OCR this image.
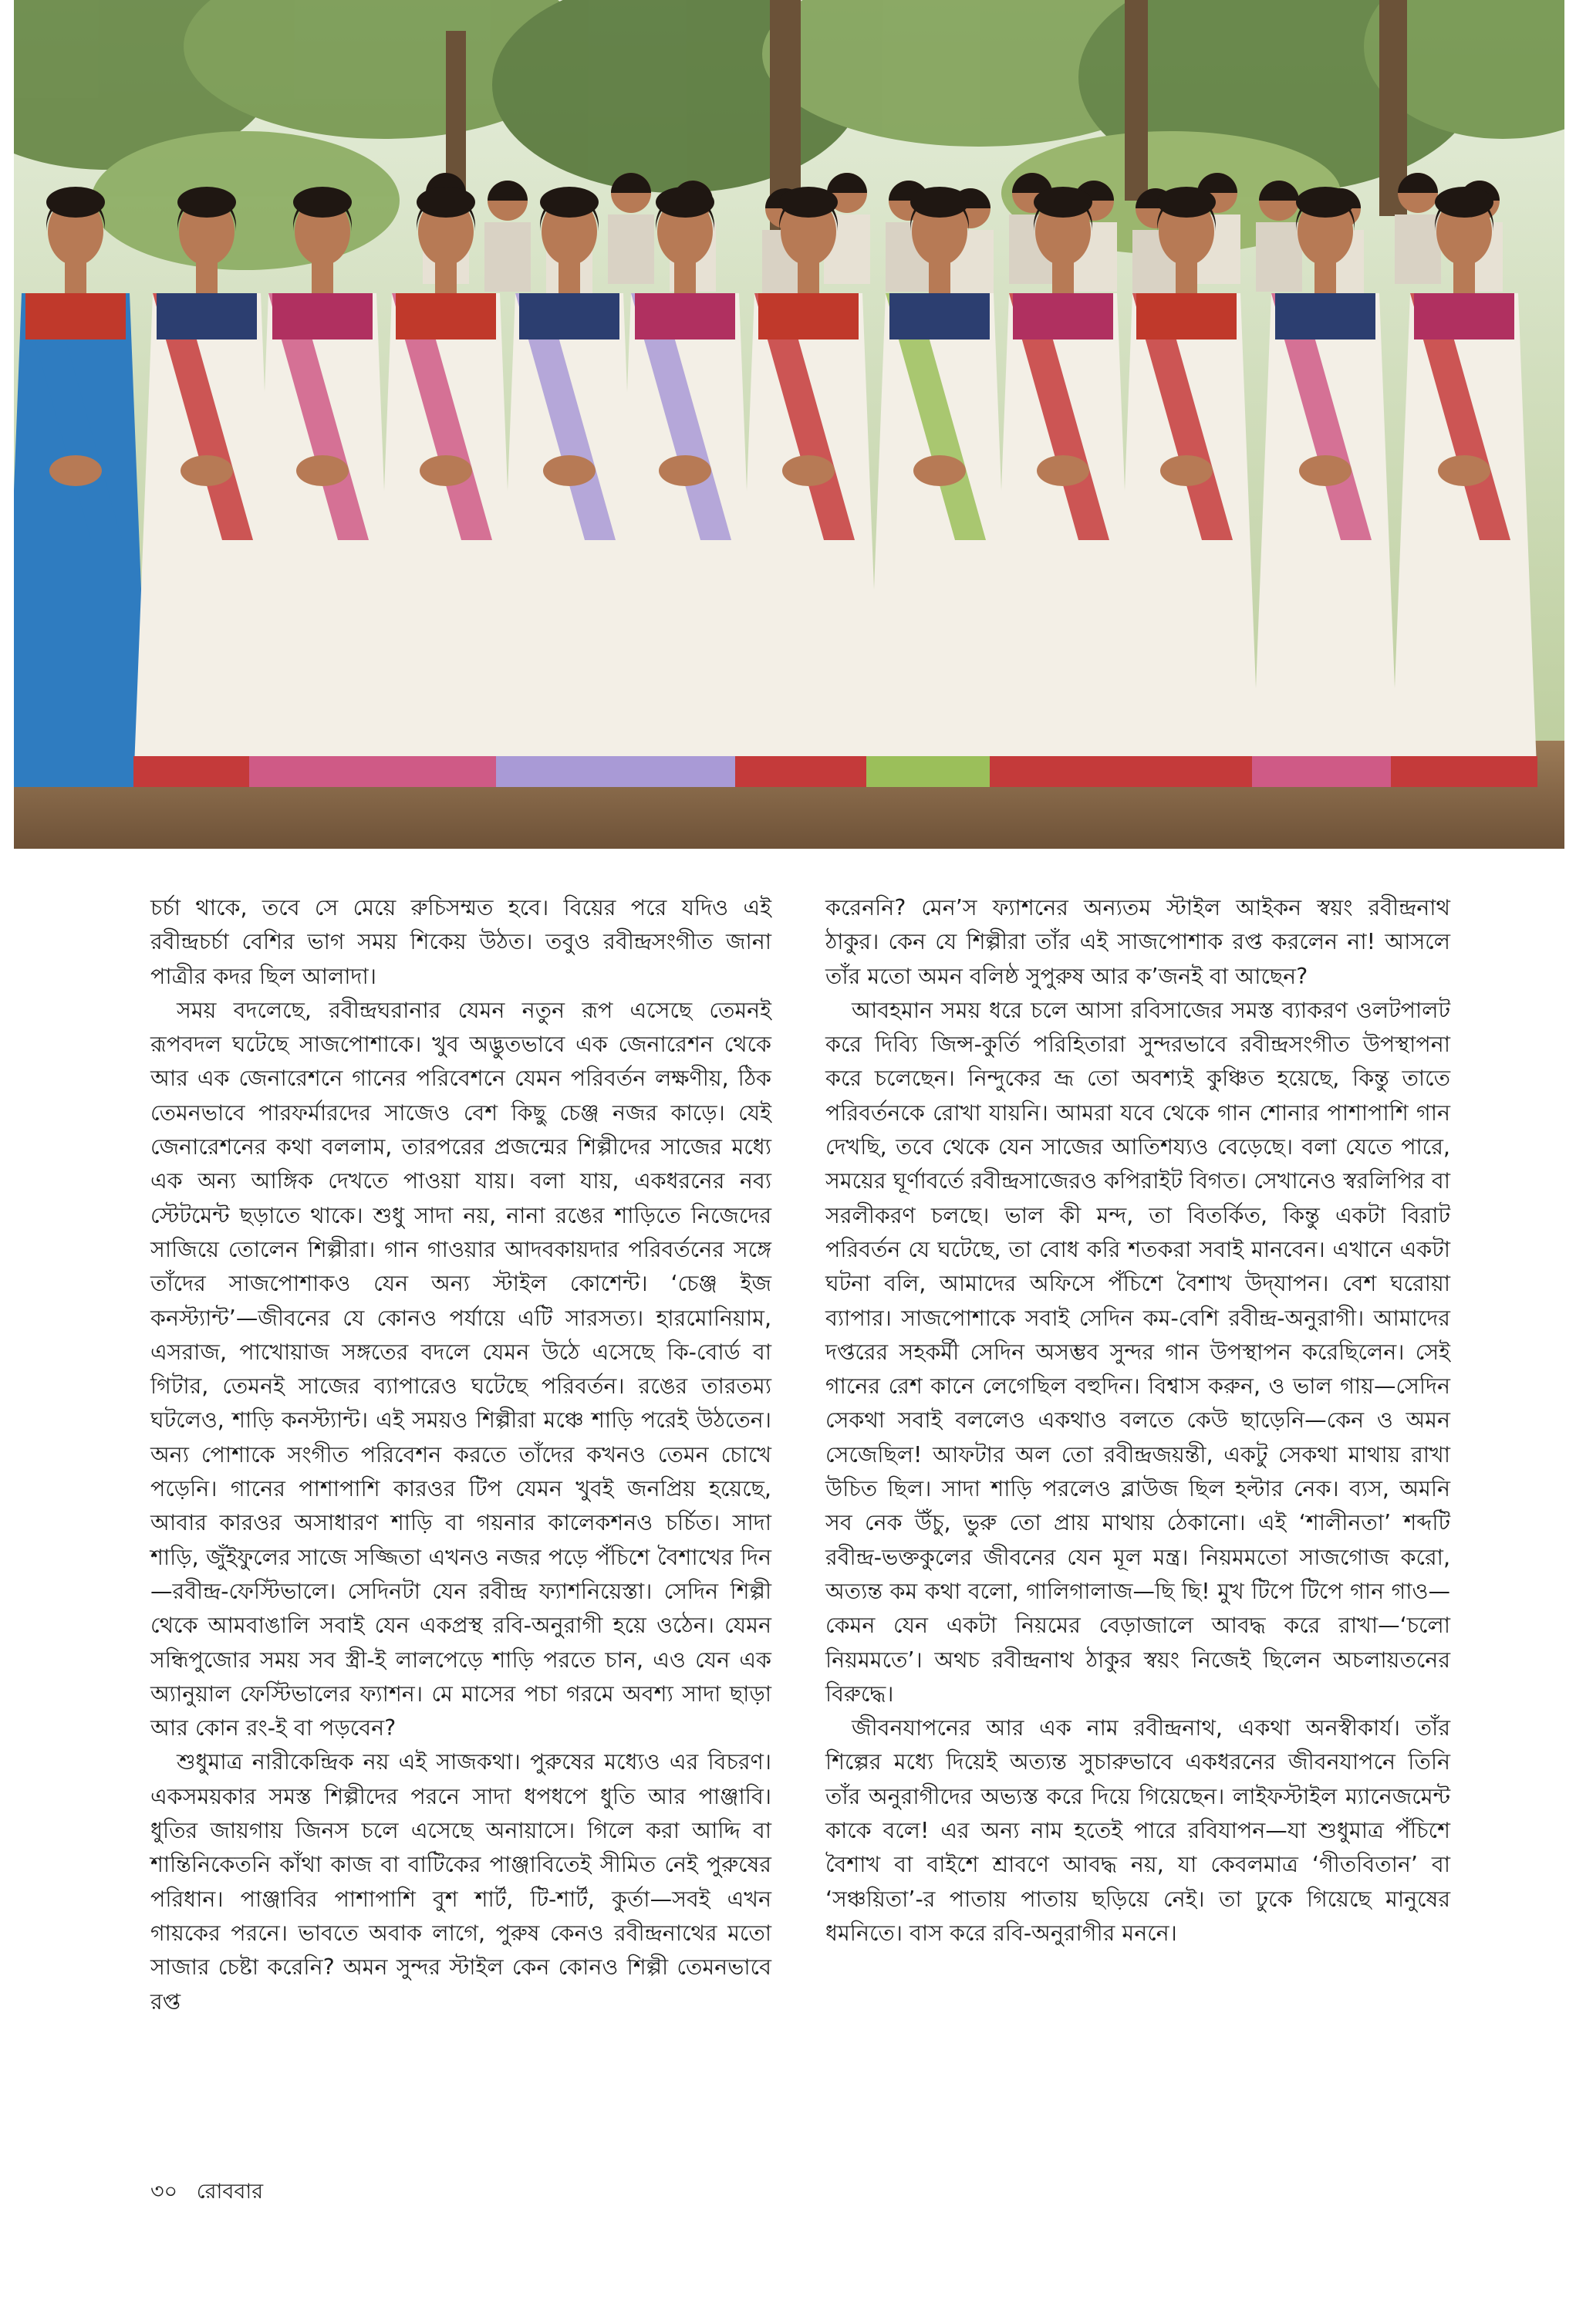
চর্চা থাকে, তবে সে মেয়ে রুচিসম্মত হবে। বিয়ের পরে যদিও এই রবীন্দ্রচর্চা বেশির ভাগ সময় শিকেয় উঠত। তবুও রবীন্দ্রসংগীত জানা পাত্রীর কদর ছিল আলাদা।

সময় বদলেছে, রবীন্দ্রঘরানার যেমন নতুন রূপ এসেছে তেমনই রূপবদল ঘটেছে সাজপোশাকে। খুব অদ্ভুতভাবে এক জেনারেশন থেকে আর এক জেনারেশনে গানের পরিবেশনে যেমন পরিবর্তন লক্ষণীয়, ঠিক তেমনভাবে পারফর্মারদের সাজেও বেশ কিছু চেঞ্জ নজর কাড়ে। যেই জেনারেশনের কথা বললাম, তারপরের প্রজন্মের শিল্পীদের সাজের মধ্যে এক অন্য আঙ্গিক দেখতে পাওয়া যায়। বলা যায়, একধরনের নব্য স্টেটমেন্ট ছড়াতে থাকে। শুধু সাদা নয়, নানা রঙের শাড়িতে নিজেদের সাজিয়ে তোলেন শিল্পীরা। গান গাওয়ার আদবকায়দার পরিবর্তনের সঙ্গে তাঁদের সাজপোশাকও যেন অন্য স্টাইল কোশেন্ট। ‘চেঞ্জ ইজ কনস্ট্যান্ট’—জীবনের যে কোনও পর্যায়ে এটি সারসত্য। হারমোনিয়াম, এসরাজ, পাখোয়াজ সঙ্গতের বদলে যেমন উঠে এসেছে কি-বোর্ড বা গিটার, তেমনই সাজের ব্যাপারেও ঘটেছে পরিবর্তন। রঙের তারতম্য ঘটলেও, শাড়ি কনস্ট্যান্ট। এই সময়ও শিল্পীরা মঞ্চে শাড়ি পরেই উঠতেন। অন্য পোশাকে সংগীত পরিবেশন করতে তাঁদের কখনও তেমন চোখে পড়েনি। গানের পাশাপাশি কারওর টিপ যেমন খুবই জনপ্রিয় হয়েছে, আবার কারওর অসাধারণ শাড়ি বা গয়নার কালেকশনও চর্চিত। সাদা শাড়ি, জুঁইফুলের সাজে সজ্জিতা এখনও নজর পড়ে পঁচিশে বৈশাখের দিন—রবীন্দ্র-ফেস্টিভালে। সেদিনটা যেন রবীন্দ্র ফ্যাশনিয়েস্তা। সেদিন শিল্পী থেকে আমবাঙালি সবাই যেন একপ্রস্থ রবি-অনুরাগী হয়ে ওঠেন। যেমন সন্ধিপুজোর সময় সব স্ত্রী-ই লালপেড়ে শাড়ি পরতে চান, এও যেন এক অ্যানুয়াল ফেস্টিভালের ফ্যাশন। মে মাসের পচা গরমে অবশ্য সাদা ছাড়া আর কোন রং-ই বা পড়বেন?

শুধুমাত্র নারীকেন্দ্রিক নয় এই সাজকথা। পুরুষের মধ্যেও এর বিচরণ। একসময়কার সমস্ত শিল্পীদের পরনে সাদা ধপধপে ধুতি আর পাঞ্জাবি। ধুতির জায়গায় জিনস চলে এসেছে অনায়াসে। গিলে করা আদ্দি বা শান্তিনিকেতনি কাঁথা কাজ বা বাটিকের পাঞ্জাবিতেই সীমিত নেই পুরুষের পরিধান। পাঞ্জাবির পাশাপাশি বুশ শার্ট, টি-শার্ট, কুর্তা—সবই এখন গায়কের পরনে। ভাবতে অবাক লাগে, পুরুষ কেনও রবীন্দ্রনাথের মতো সাজার চেষ্টা করেনি? অমন সুন্দর স্টাইল কেন কোনও শিল্পী তেমনভাবে রপ্ত

করেননি? মেন’স ফ্যাশনের অন্যতম স্টাইল আইকন স্বয়ং রবীন্দ্রনাথ ঠাকুর। কেন যে শিল্পীরা তাঁর এই সাজপোশাক রপ্ত করলেন না! আসলে তাঁর মতো অমন বলিষ্ঠ সুপুরুষ আর ক’জনই বা আছেন?

আবহমান সময় ধরে চলে আসা রবিসাজের সমস্ত ব্যাকরণ ওলটপালট করে দিব্যি জিন্স-কুর্তি পরিহিতারা সুন্দরভাবে রবীন্দ্রসংগীত উপস্থাপনা করে চলেছেন। নিন্দুকের ভ্রূ তো অবশ্যই কুঞ্চিত হয়েছে, কিন্তু তাতে পরিবর্তনকে রোখা যায়নি। আমরা যবে থেকে গান শোনার পাশাপাশি গান দেখছি, তবে থেকে যেন সাজের আতিশয্যও বেড়েছে। বলা যেতে পারে, সময়ের ঘূর্ণাবর্তে রবীন্দ্রসাজেরও কপিরাইট বিগত। সেখানেও স্বরলিপির বা সরলীকরণ চলছে। ভাল কী মন্দ, তা বিতর্কিত, কিন্তু একটা বিরাট পরিবর্তন যে ঘটেছে, তা বোধ করি শতকরা সবাই মানবেন। এখানে একটা ঘটনা বলি, আমাদের অফিসে পঁচিশে বৈশাখ উদ্‌যাপন। বেশ ঘরোয়া ব্যাপার। সাজপোশাকে সবাই সেদিন কম-বেশি রবীন্দ্র-অনুরাগী। আমাদের দপ্তরের সহকর্মী সেদিন অসম্ভব সুন্দর গান উপস্থাপন করেছিলেন। সেই গানের রেশ কানে লেগেছিল বহুদিন। বিশ্বাস করুন, ও ভাল গায়—সেদিন সেকথা সবাই বললেও একথাও বলতে কেউ ছাড়েনি—কেন ও অমন সেজেছিল! আফটার অল তো রবীন্দ্রজয়ন্তী, একটু সেকথা মাথায় রাখা উচিত ছিল। সাদা শাড়ি পরলেও ব্লাউজ ছিল হল্টার নেক। ব্যস, অমনি সব নেক উঁচু, ভুরু তো প্রায় মাথায় ঠেকানো। এই ‘শালীনতা’ শব্দটি রবীন্দ্র-ভক্তকুলের জীবনের যেন মূল মন্ত্র। নিয়মমতো সাজগোজ করো, অত্যন্ত কম কথা বলো, গালিগালাজ—ছি ছি! মুখ টিপে টিপে গান গাও—কেমন যেন একটা নিয়মের বেড়াজালে আবদ্ধ করে রাখা—‘চলো নিয়মমতে’। অথচ রবীন্দ্রনাথ ঠাকুর স্বয়ং নিজেই ছিলেন অচলায়তনের বিরুদ্ধে।

জীবনযাপনের আর এক নাম রবীন্দ্রনাথ, একথা অনস্বীকার্য। তাঁর শিল্পের মধ্যে দিয়েই অত্যন্ত সুচারুভাবে একধরনের জীবনযাপনে তিনি তাঁর অনুরাগীদের অভ্যস্ত করে দিয়ে গিয়েছেন। লাইফস্টাইল ম্যানেজমেন্ট কাকে বলে! এর অন্য নাম হতেই পারে রবিযাপন—যা শুধুমাত্র পঁচিশে বৈশাখ বা বাইশে শ্রাবণে আবদ্ধ নয়, যা কেবলমাত্র ‘গীতবিতান’ বা ‘সঞ্চয়িতা’-র পাতায় পাতায় ছড়িয়ে নেই। তা ঢুকে গিয়েছে মানুষের ধমনিতে। বাস করে রবি-অনুরাগীর মননে।

৩০ রোববার
